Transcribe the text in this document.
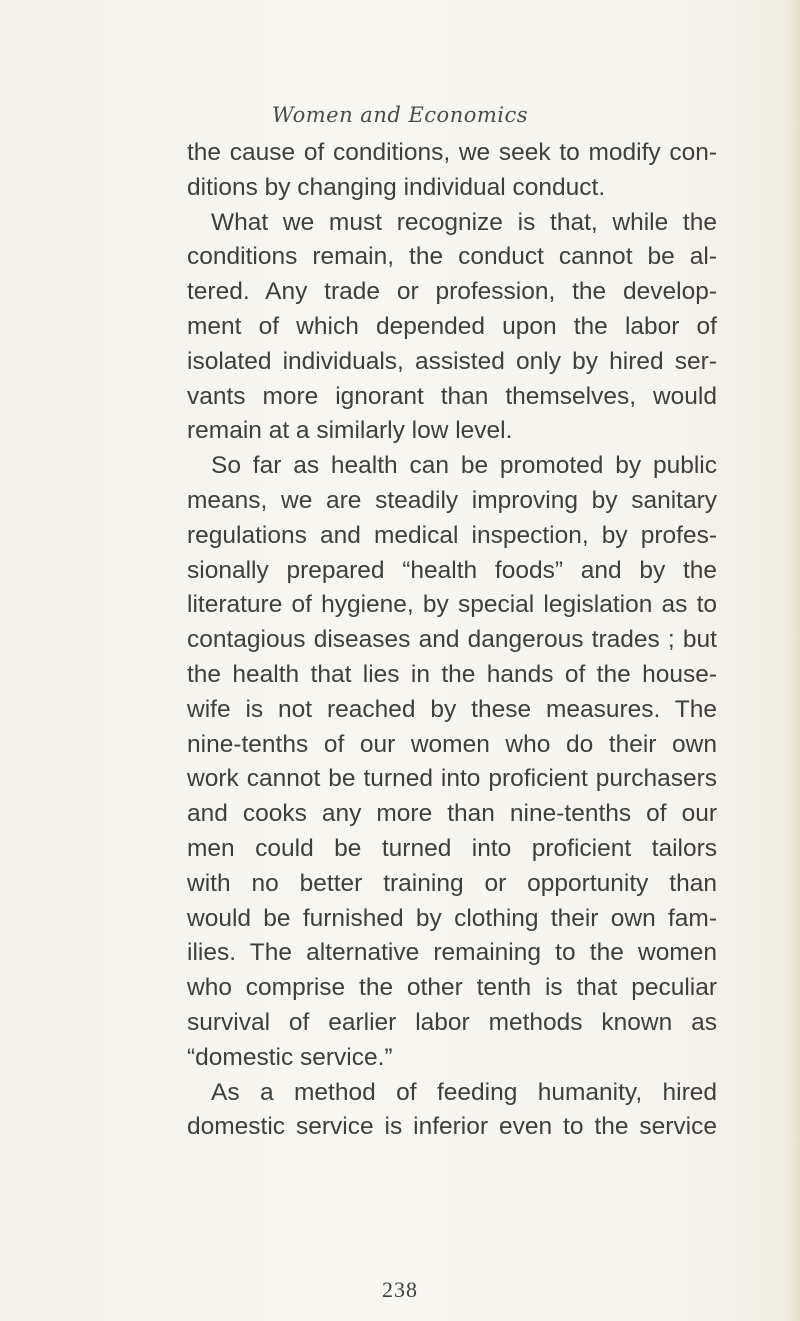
Women and Economics
the cause of conditions, we seek to modify con-
ditions by changing individual conduct.
What we must recognize is that, while the
conditions remain, the conduct cannot be al-
tered. Any trade or profession, the develop-
ment of which depended upon the labor of
isolated individuals, assisted only by hired ser-
vants more ignorant than themselves, would
remain at a similarly low level.
So far as health can be promoted by public
means, we are steadily improving by sanitary
regulations and medical inspection, by profes-
sionally prepared “health foods” and by the
literature of hygiene, by special legislation as to
contagious diseases and dangerous trades ; but
the health that lies in the hands of the house-
wife is not reached by these measures. The
nine-tenths of our women who do their own
work cannot be turned into proficient purchasers
and cooks any more than nine-tenths of our
men could be turned into proficient tailors
with no better training or opportunity than
would be furnished by clothing their own fam-
ilies. The alternative remaining to the women
who comprise the other tenth is that peculiar
survival of earlier labor methods known as
“domestic service.”
As a method of feeding humanity, hired
domestic service is inferior even to the service
238
